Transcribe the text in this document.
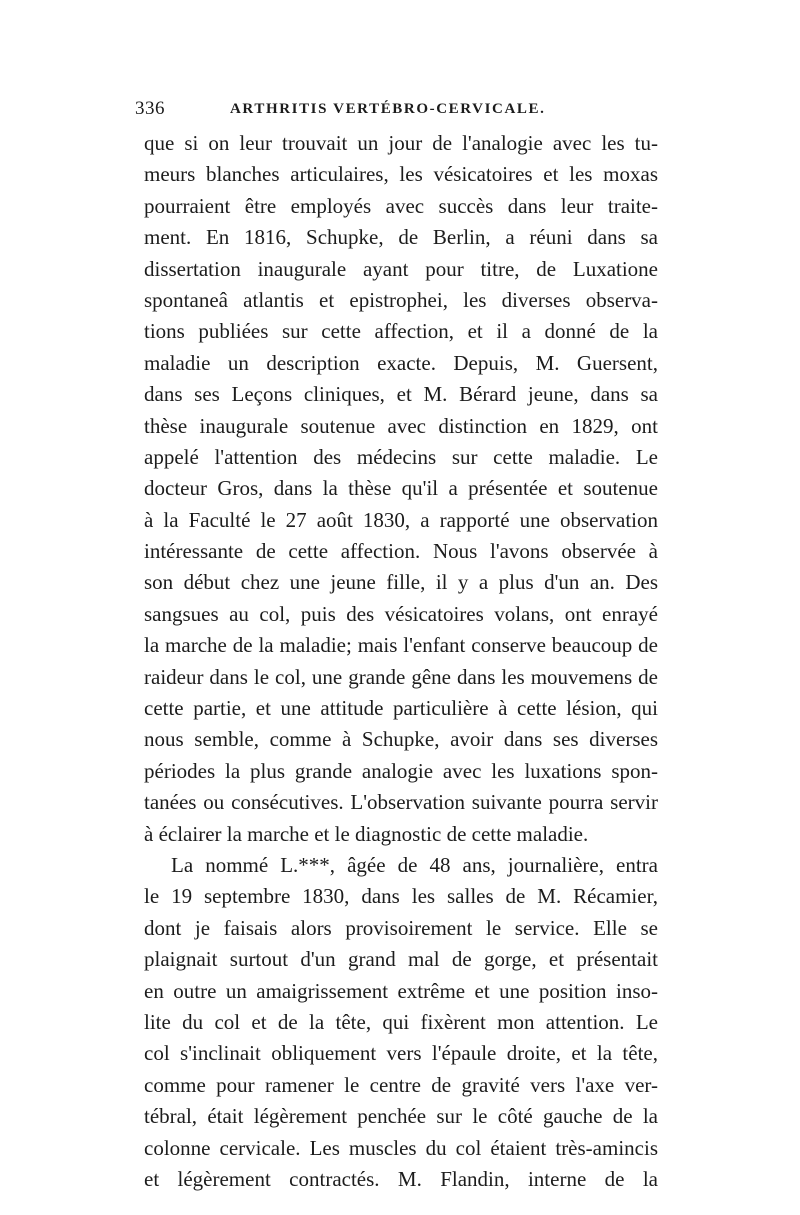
336	ARTHRITIS VERTÉBRO-CERVICALE.
que si on leur trouvait un jour de l'analogie avec les tu-
meurs blanches articulaires, les vésicatoires et les moxas
pourraient être employés avec succès dans leur traite-
ment. En 1816, Schupke, de Berlin, a réuni dans sa
dissertation inaugurale ayant pour titre, de Luxatione
spontaneâ atlantis et epistrophei, les diverses observa-
tions publiées sur cette affection, et il a donné de la
maladie un description exacte. Depuis, M. Guersent,
dans ses Leçons cliniques, et M. Bérard jeune, dans sa
thèse inaugurale soutenue avec distinction en 1829, ont
appelé l'attention des médecins sur cette maladie. Le
docteur Gros, dans la thèse qu'il a présentée et soutenue
à la Faculté le 27 août 1830, a rapporté une observation
intéressante de cette affection. Nous l'avons observée à
son début chez une jeune fille, il y a plus d'un an. Des
sangsues au col, puis des vésicatoires volans, ont enrayé
la marche de la maladie; mais l'enfant conserve beaucoup de
raideur dans le col, une grande gêne dans les mouvemens de
cette partie, et une attitude particulière à cette lésion, qui
nous semble, comme à Schupke, avoir dans ses diverses
périodes la plus grande analogie avec les luxations spon-
tanées ou consécutives. L'observation suivante pourra servir
à éclairer la marche et le diagnostic de cette maladie.
La nommé L.***, âgée de 48 ans, journalière, entra
le 19 septembre 1830, dans les salles de M. Récamier,
dont je faisais alors provisoirement le service. Elle se
plaignait surtout d'un grand mal de gorge, et présentait
en outre un amaigrissement extrême et une position inso-
lite du col et de la tête, qui fixèrent mon attention. Le
col s'inclinait obliquement vers l'épaule droite, et la tête,
comme pour ramener le centre de gravité vers l'axe ver-
tébral, était légèrement penchée sur le côté gauche de la
colonne cervicale. Les muscles du col étaient très-amincis
et légèrement contractés. M. Flandin, interne de la
